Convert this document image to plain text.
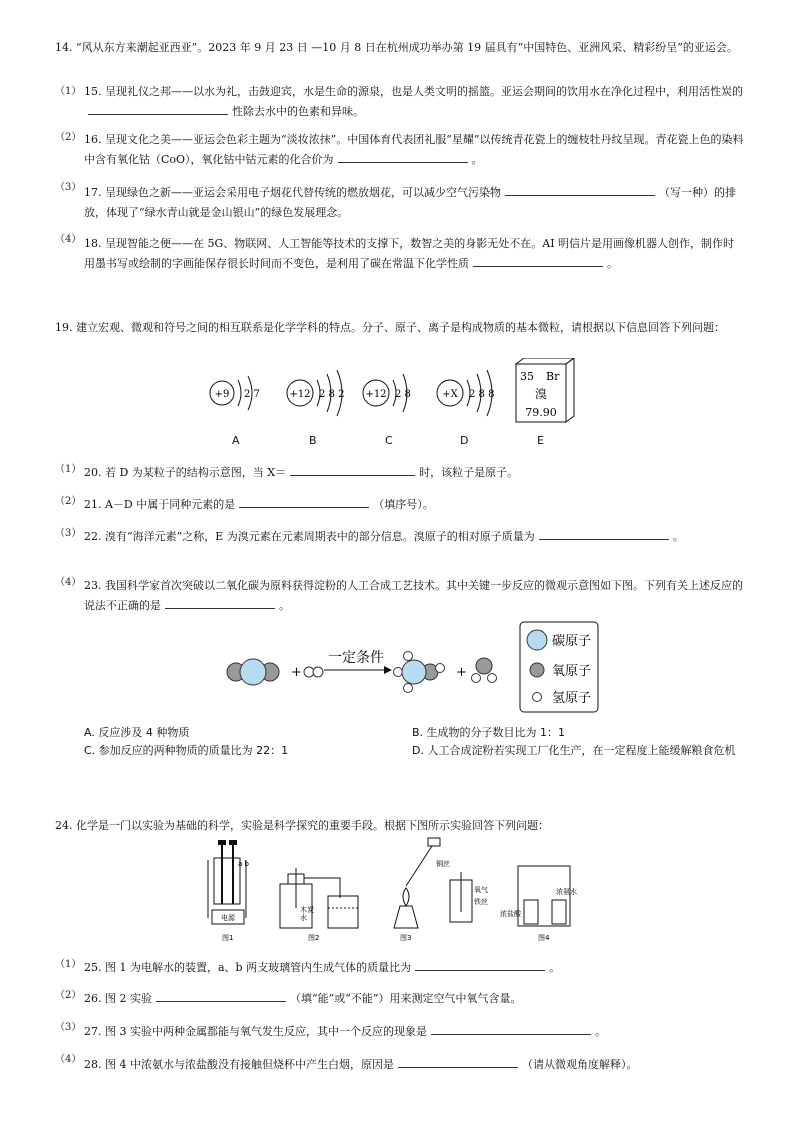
14. “风从东方来潮起亚西亚”。2023 年 9 月 23 日 —10 月 8 日在杭州成功举办第 19 届具有“中国特色、亚洲风采、精彩纷呈”的亚运会。
（1） 15. 呈现礼仪之邦——以水为礼，击鼓迎宾，水是生命的源泉，也是人类文明的摇篮。亚运会期间的饮用水在净化过程中，利用活性炭的性除去水中的色素和异味。
（2） 16. 呈现文化之美——亚运会色彩主题为“淡妆浓抹”。中国体育代表团礼服“星耀”以传统青花瓷上的缠枝牡丹纹呈现。青花瓷上色的染料中含有氧化钴（CoO），氧化钴中钴元素的化合价为	。
（3） 17. 呈现绿色之新——亚运会采用电子烟花代替传统的燃放烟花，可以减少空气污染物	（写一种）的排放，体现了“绿水青山就是金山银山”的绿色发展理念。
（4） 18. 呈现智能之便——在 5G、物联网、人工智能等技术的支撑下，数智之美的身影无处不在。AI 明信片是用画像机器人创作，制作时用墨书写或绘制的字画能保存很长时间而不变色，是利用了碳在常温下化学性质	。
19. 建立宏观、微观和符号之间的相互联系是化学学科的特点。分子、原子、离子是构成物质的基本微粒，请根据以下信息回答下列问题：
+9 2 7	+12 2 8 2 +12 2 8	+X 2 8 8
35 Br
溴
79.90
A	B	C	D	E
（1） 20. 若 D 为某粒子的结构示意图，当 X＝	时，该粒子是原子。
（2） 21. A－D 中属于同种元素的是	（填序号）。
（3） 22. 溴有“海洋元素”之称，E 为溴元素在元素周期表中的部分信息。溴原子的相对原子质量为	。
（4） 23. 我国科学家首次突破以二氧化碳为原料获得淀粉的人工合成工艺技术。其中关键一步反应的微观示意图如下图。下列有关上述反应的说法不正确的是	。
+
一定条件
+
碳原子
氧原子
氢原子
A. 反应涉及 4 种物质	B. 生成物的分子数目比为 1：1
C. 参加反应的两种物质的质量比为 22：1	D. 人工合成淀粉若实现工厂化生产，在一定程度上能缓解粮食危机
24. 化学是一门以实验为基础的科学，实验是科学探究的重要手段。根据下图所示实验回答下列问题：
a b
电源
图1
水
木炭
图2
铜丝
图3
氧气
铁丝
浓盐酸
浓氨水
图4
（1） 25. 图 1 为电解水的装置，a、b 两支玻璃管内生成气体的质量比为	。
（2） 26. 图 2 实验	（填“能”或“不能”）用来测定空气中氧气含量。
（3） 27. 图 3 实验中两种金属都能与氧气发生反应，其中一个反应的现象是	。
（4） 28. 图 4 中浓氨水与浓盐酸没有接触但烧杯中产生白烟，原因是	（请从微观角度解释）。
